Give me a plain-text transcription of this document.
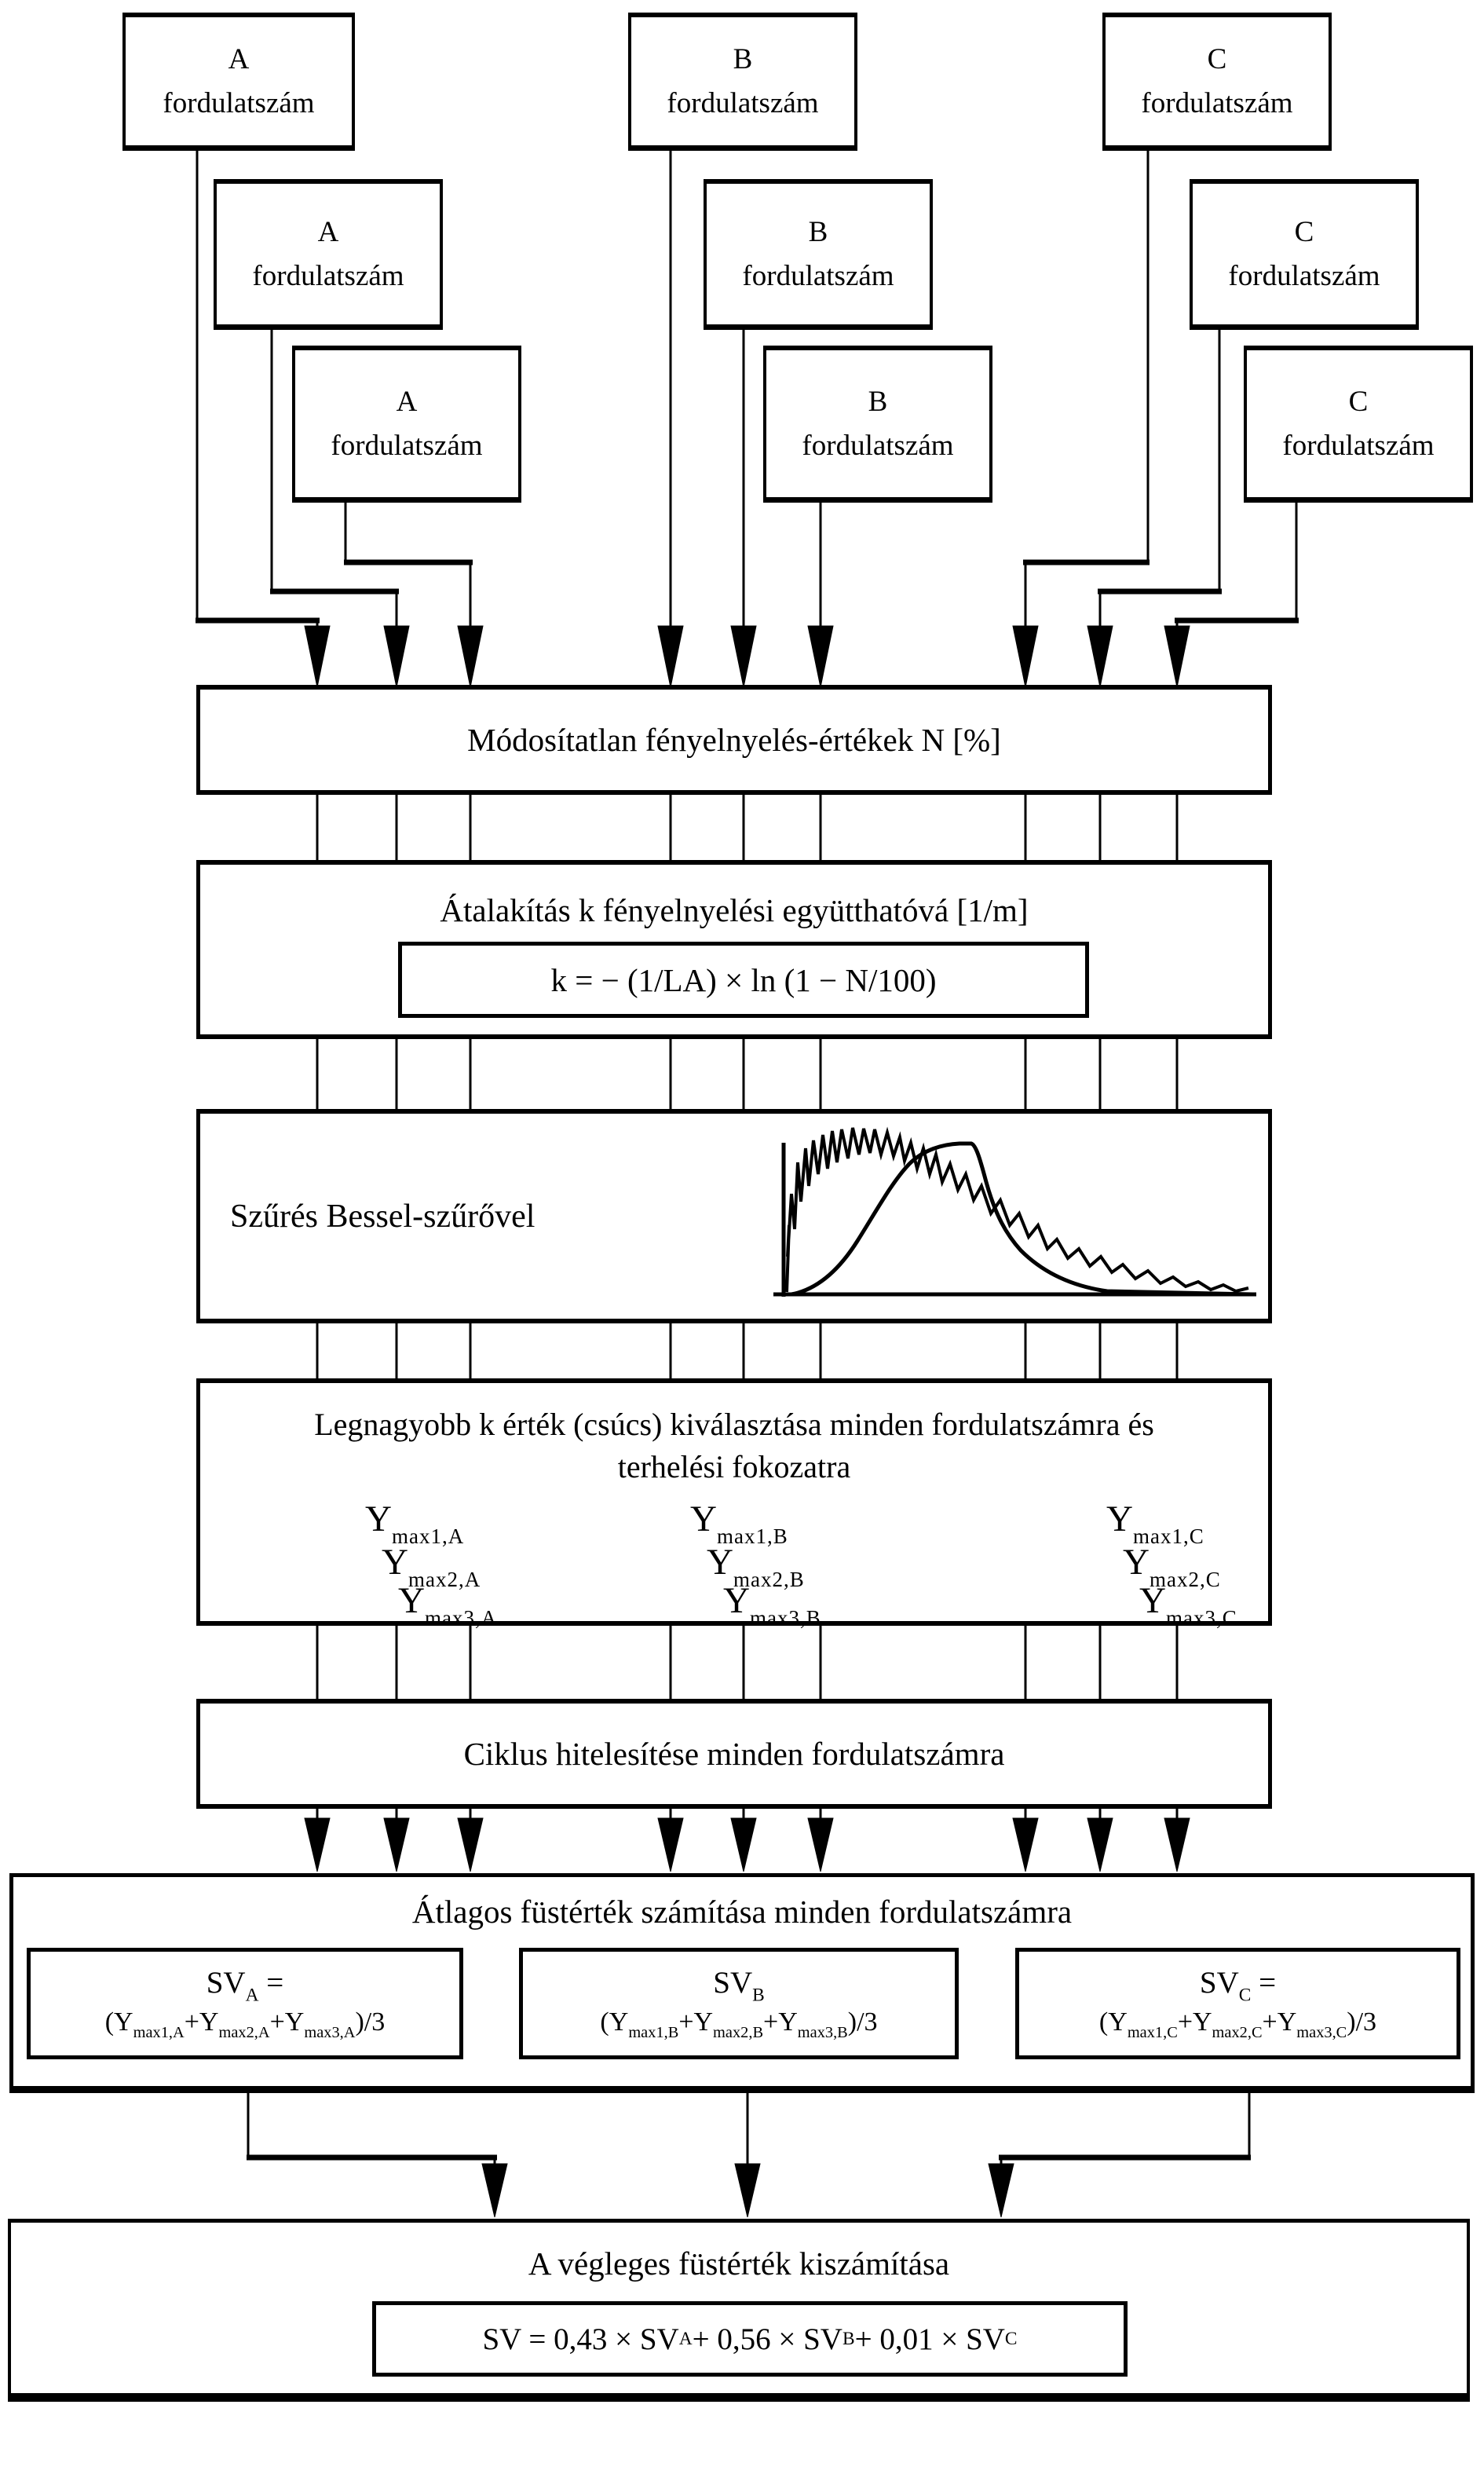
A
fordulatszám
A
fordulatszám
A
fordulatszám
B
fordulatszám
B
fordulatszám
B
fordulatszám
C
fordulatszám
C
fordulatszám
C
fordulatszám
Módosítatlan fényelnyelés-értékek N [%]
Átalakítás k fényelnyelési együtthatóvá [1/m]
k = − (1/LA) × ln (1 − N/100)
Szűrés Bessel-szűrővel
Legnagyobb k érték (csúcs) kiválasztása minden fordulatszámra és
terhelési fokozatra
$Y_{max1,A}$
$Y_{max2,A}$
$Y_{max3,A}$
$Y_{max1,B}$
$Y_{max2,B}$
$Y_{max3,B}$
$Y_{max1,C}$
$Y_{max2,C}$
$Y_{max3,C}$
Ciklus hitelesítése minden fordulatszámra
Átlagos füstérték számítása minden fordulatszámra
$SV_A$ =
$(Y_{max1,A}+Y_{max2,A}+Y_{max3,A})/3$
$SV_B$
$(Y_{max1,B}+Y_{max2,B}+Y_{max3,B})/3$
$SV_C$ =
$(Y_{max1,C}+Y_{max2,C}+Y_{max3,C})/3$
A végleges füstérték kiszámítása
SV = 0,43 × SV A + 0,56 × SV B + 0,01 × SV C
